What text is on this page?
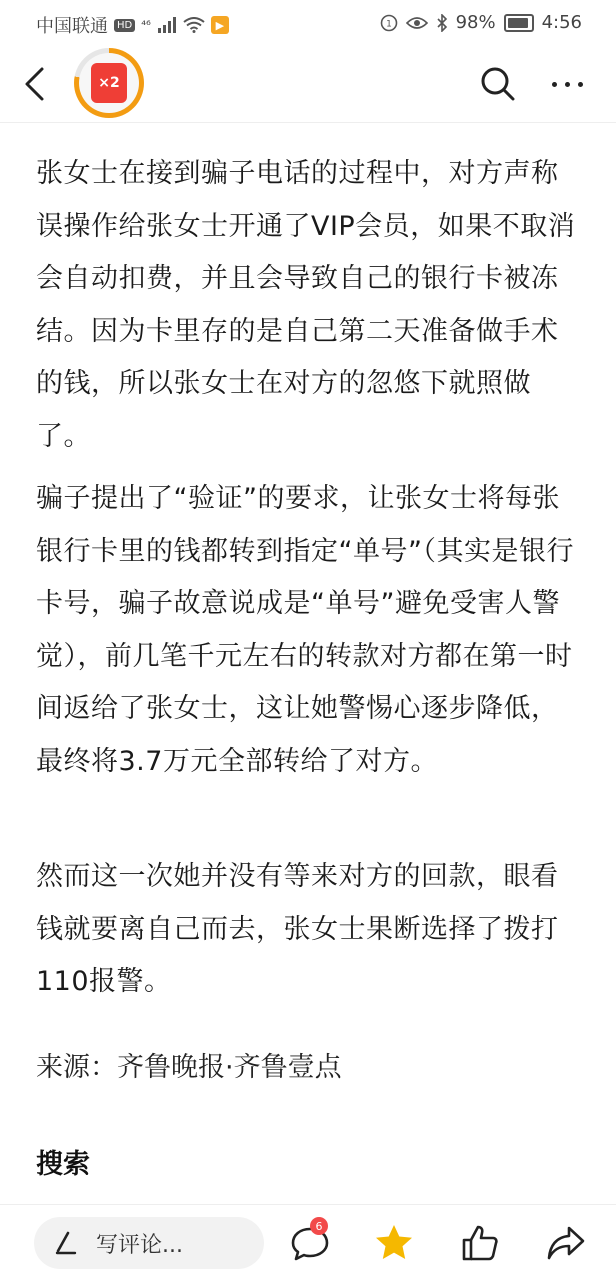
中国联通 HD ⁴⁶	▶	1	98%	4:56
×2

张女士在接到骗子电话的过程中，对方声称误操作给张女士开通了VIP会员，如果不取消会自动扣费，并且会导致自己的银行卡被冻结。因为卡里存的是自己第二天准备做手术的钱，所以张女士在对方的忽悠下就照做了。

骗子提出了“验证”的要求，让张女士将每张银行卡里的钱都转到指定“单号”（其实是银行卡号，骗子故意说成是“单号”避免受害人警觉），前几笔千元左右的转款对方都在第一时间返给了张女士，这让她警惕心逐步降低，最终将3.7万元全部转给了对方。

然而这一次她并没有等来对方的回款，眼看钱就要离自己而去，张女士果断选择了拨打110报警。

来源：齐鲁晚报·齐鲁壹点
搜索
写评论...
6
